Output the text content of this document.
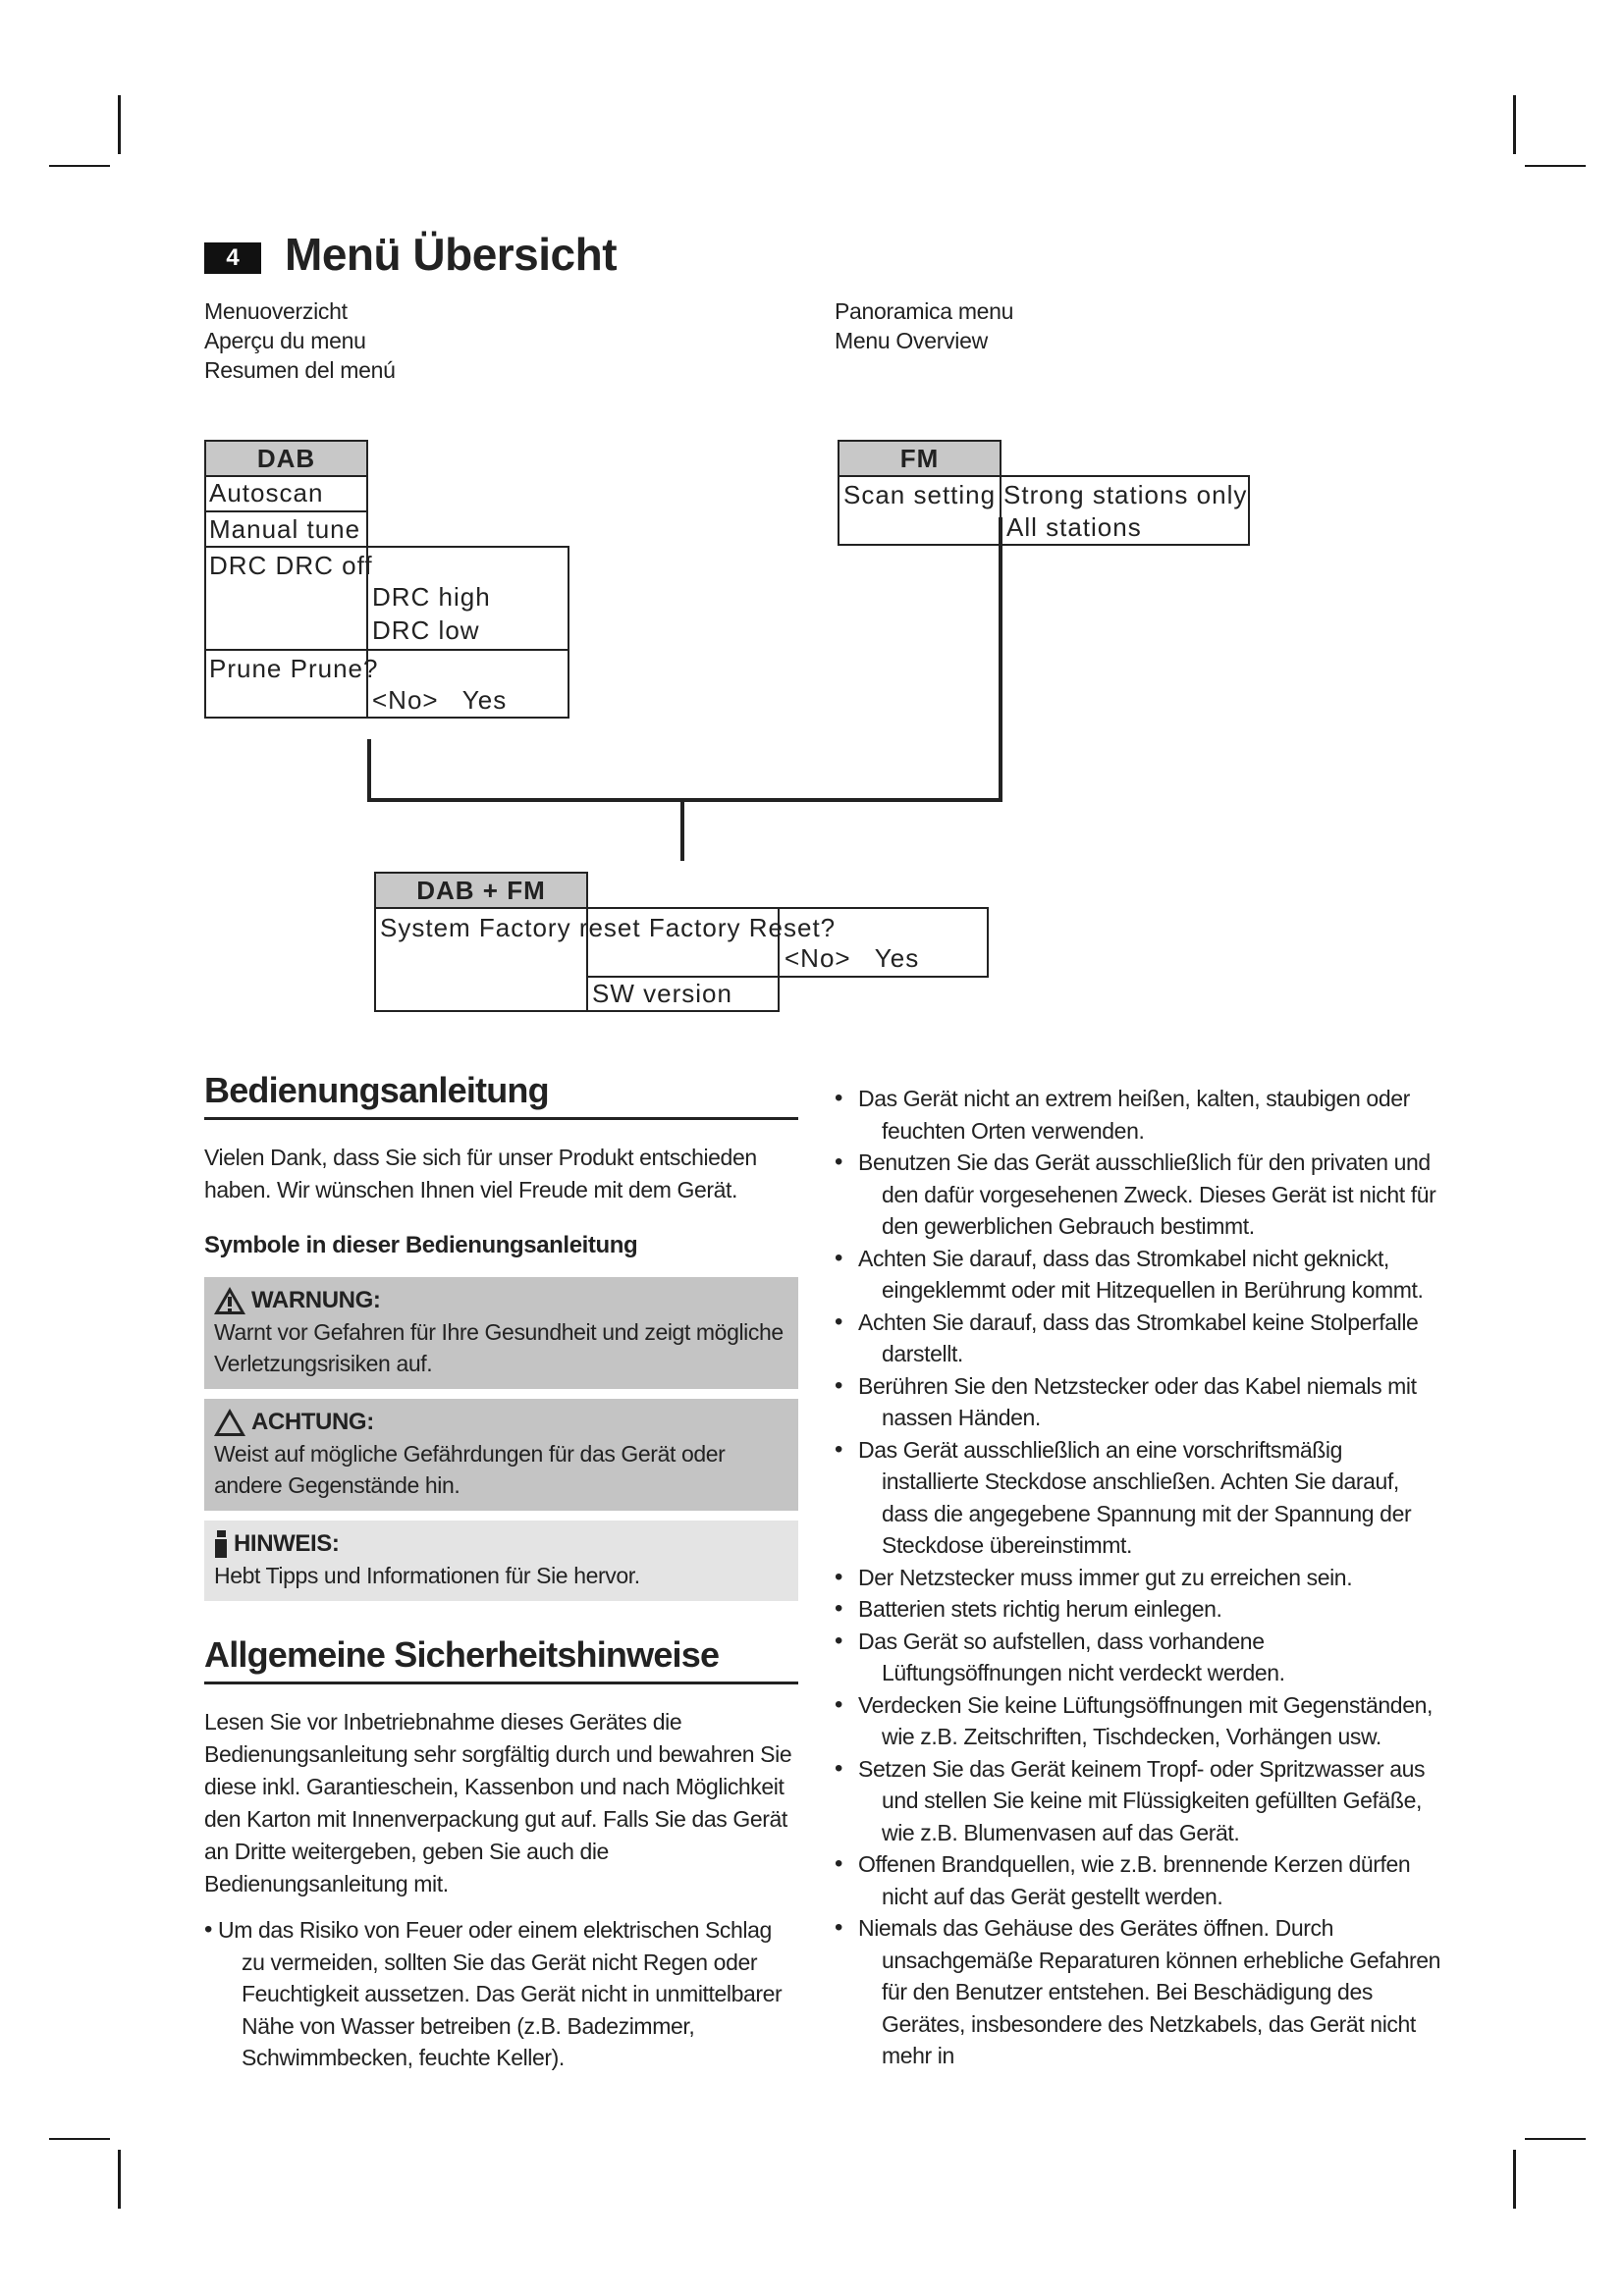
4	Menü Übersicht
Menuoverzicht
Aperçu du menu
Resumen del menú
Panoramica menu
Menu Overview
DAB
Autoscan
Manual tune
DRC DRC off
DRC high
DRC low
Prune Prune?
<No>   Yes
FM
Scan setting Strong stations only
All stations
DAB + FM
System Factory reset Factory Reset?
<No>   Yes
SW version
Bedienungsanleitung

Vielen Dank, dass Sie sich für unser Produkt entschieden haben. Wir wünschen Ihnen viel Freude mit dem Gerät.

Symbole in dieser Bedienungsanleitung
WARNUNG:
Warnt vor Gefahren für Ihre Gesundheit und zeigt mögliche Verletzungsrisiken auf.
ACHTUNG:
Weist auf mögliche Gefährdungen für das Gerät oder andere Gegenstände hin.
HINWEIS:
Hebt Tipps und Informationen für Sie hervor.
Allgemeine Sicherheitshinweise

Lesen Sie vor Inbetriebnahme dieses Gerätes die Bedienungsanleitung sehr sorgfältig durch und bewahren Sie diese inkl. Garantieschein, Kassenbon und nach Möglichkeit den Karton mit Innenverpackung gut auf. Falls Sie das Gerät an Dritte weitergeben, geben Sie auch die Bedienungsanleitung mit.

• Um das Risiko von Feuer oder einem elektrischen Schlag zu vermeiden, sollten Sie das Gerät nicht Regen oder Feuchtigkeit aussetzen. Das Gerät nicht in unmittelbarer Nähe von Wasser betreiben (z.B. Badezimmer, Schwimmbecken, feuchte Keller).
• Das Gerät nicht an extrem heißen, kalten, staubigen oder feuchten Orten verwenden.
• Benutzen Sie das Gerät ausschließlich für den privaten und den dafür vorgesehenen Zweck. Dieses Gerät ist nicht für den gewerblichen Gebrauch bestimmt.
• Achten Sie darauf, dass das Stromkabel nicht geknickt, eingeklemmt oder mit Hitzequellen in Berührung kommt.
• Achten Sie darauf, dass das Stromkabel keine Stolperfalle darstellt.
• Berühren Sie den Netzstecker oder das Kabel niemals mit nassen Händen.
• Das Gerät ausschließlich an eine vorschriftsmäßig installierte Steckdose anschließen. Achten Sie darauf, dass die angegebene Spannung mit der Spannung der Steckdose übereinstimmt.
• Der Netzstecker muss immer gut zu erreichen sein.
• Batterien stets richtig herum einlegen.
• Das Gerät so aufstellen, dass vorhandene Lüftungsöffnungen nicht verdeckt werden.
• Verdecken Sie keine Lüftungsöffnungen mit Gegenständen, wie z.B. Zeitschriften, Tischdecken, Vorhängen usw.
• Setzen Sie das Gerät keinem Tropf- oder Spritzwasser aus und stellen Sie keine mit Flüssigkeiten gefüllten Gefäße, wie z.B. Blumenvasen auf das Gerät.
• Offenen Brandquellen, wie z.B. brennende Kerzen dürfen nicht auf das Gerät gestellt werden.
• Niemals das Gehäuse des Gerätes öffnen. Durch unsachgemäße Reparaturen können erhebliche Gefahren für den Benutzer entstehen. Bei Beschädigung des Gerätes, insbesondere des Netzkabels, das Gerät nicht mehr in
